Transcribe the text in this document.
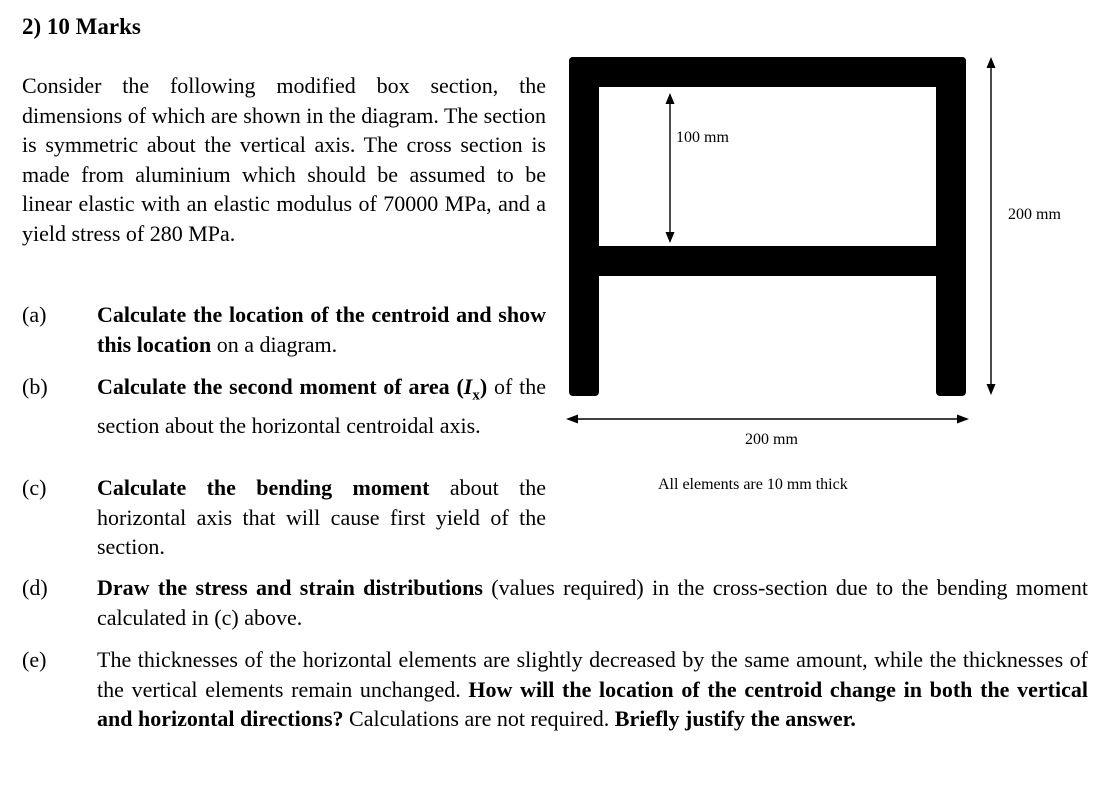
2) 10 Marks
Consider the following modified box section, the dimensions of which are shown in the diagram. The section is symmetric about the vertical axis. The cross section is made from aluminium which should be assumed to be linear elastic with an elastic modulus of 70000 MPa, and a yield stress of 280 MPa.
(a) Calculate the location of the centroid and show this location on a diagram.
(b) Calculate the second moment of area $(I_x)$ of the section about the horizontal centroidal axis.
(c) Calculate the bending moment about the horizontal axis that will cause first yield of the section.
(d) Draw the stress and strain distributions (values required) in the cross-section due to the bending moment calculated in (c) above.
(e) The thicknesses of the horizontal elements are slightly decreased by the same amount, while the thicknesses of the vertical elements remain unchanged. How will the location of the centroid change in both the vertical and horizontal directions? Calculations are not required. Briefly justify the answer.
100 mm
200 mm
200 mm
All elements are 10 mm thick
